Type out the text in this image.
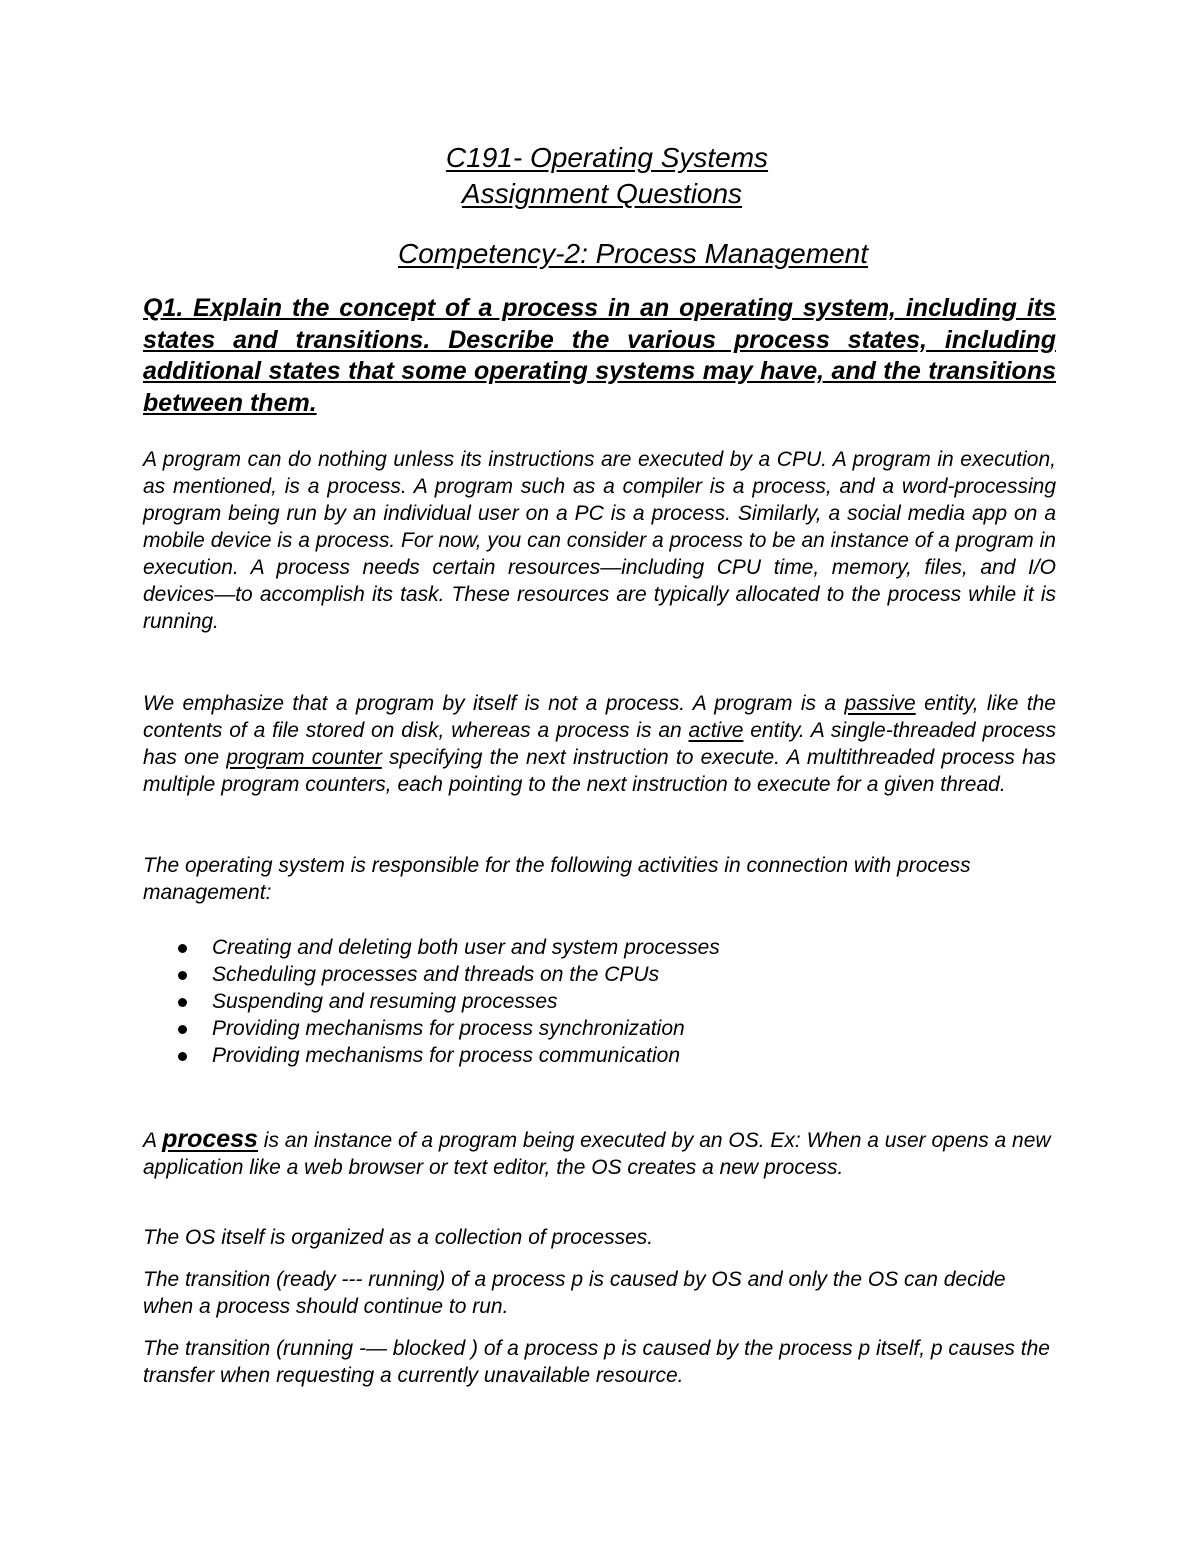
C191- Operating Systems
Assignment Questions
Competency-2: Process Management
Q1. Explain the concept of a process in an operating system, including its states and transitions. Describe the various process states, including additional states that some operating systems may have, and the transitions between them.
A program can do nothing unless its instructions are executed by a CPU. A program in execution, as mentioned, is a process. A program such as a compiler is a process, and a word-processing program being run by an individual user on a PC is a process. Similarly, a social media app on a mobile device is a process. For now, you can consider a process to be an instance of a program in execution. A process needs certain resources—including CPU time, memory, files, and I/O devices—to accomplish its task. These resources are typically allocated to the process while it is running.
We emphasize that a program by itself is not a process. A program is a passive entity, like the contents of a file stored on disk, whereas a process is an active entity. A single-threaded process has one program counter specifying the next instruction to execute. A multithreaded process has multiple program counters, each pointing to the next instruction to execute for a given thread.
The operating system is responsible for the following activities in connection with process management:
Creating and deleting both user and system processes
Scheduling processes and threads on the CPUs
Suspending and resuming processes
Providing mechanisms for process synchronization
Providing mechanisms for process communication
A process is an instance of a program being executed by an OS. Ex: When a user opens a new application like a web browser or text editor, the OS creates a new process.
The OS itself is organized as a collection of processes.
The transition (ready --- running) of a process p is caused by OS and only the OS can decide when a process should continue to run.
The transition (running -— blocked ) of a process p is caused by the process p itself, p causes the transfer when requesting a currently unavailable resource.
